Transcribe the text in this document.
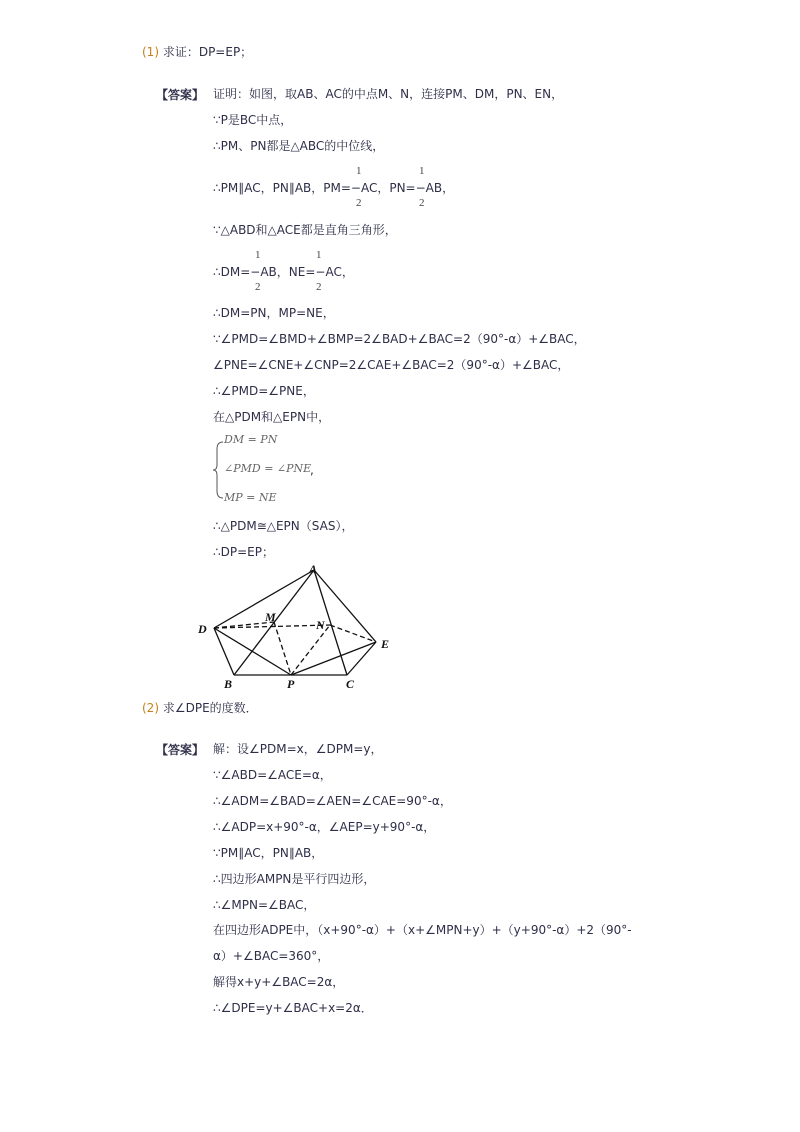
(1) 求证：DP=EP；
【答案】 证明：如图，取AB、AC的中点M、N，连接PM、DM，PN、EN，
∵P是BC中点，
∴PM、PN都是△ABC的中位线，
1	1
∴PM∥AC，PN∥AB，PM=−AC，PN=−AB，
2	2
∵△ABD和△ACE都是直角三角形，
1	1
∴DM=−AB，NE=−AC，
2	2
∴DM=PN，MP=NE，
∵∠PMD=∠BMD+∠BMP=2∠BAD+∠BAC=2（90°-α）+∠BAC，
∠PNE=∠CNE+∠CNP=2∠CAE+∠BAC=2（90°-α）+∠BAC，
∴∠PMD=∠PNE，
在△PDM和△EPN中，
DM = PN
∠PMD = ∠PNE
,
MP = NE
∴△PDM≅△EPN（SAS），
∴DP=EP；
A
D
M
N
E
B	P	C
(2) 求∠DPE的度数．
【答案】 解：设∠PDM=x，∠DPM=y，
∵∠ABD=∠ACE=α，
∴∠ADM=∠BAD=∠AEN=∠CAE=90°-α，
∴∠ADP=x+90°-α，∠AEP=y+90°-α，
∵PM∥AC，PN∥AB，
∴四边形AMPN是平行四边形，
∴∠MPN=∠BAC，
在四边形ADPE中，（x+90°-α）+（x+∠MPN+y）+（y+90°-α）+2（90°-
α）+∠BAC=360°，
解得x+y+∠BAC=2α，
∴∠DPE=y+∠BAC+x=2α．
